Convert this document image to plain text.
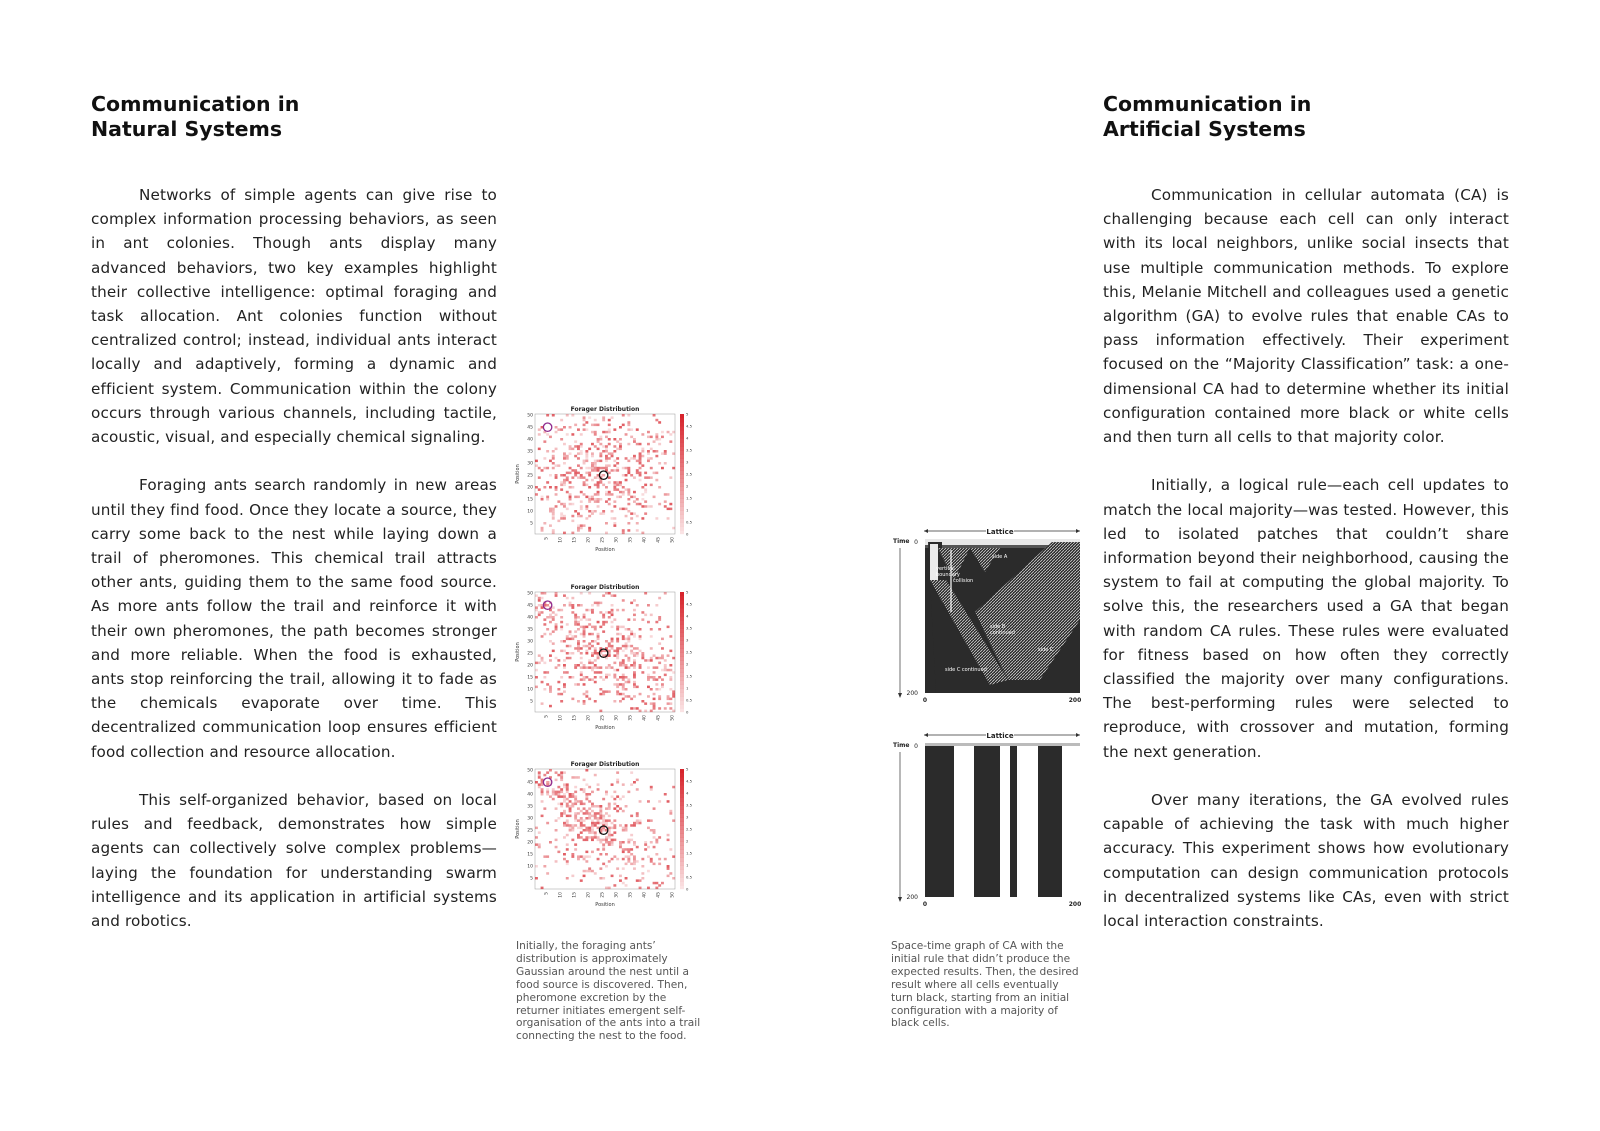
Communication in
Natural Systems

Networks of simple agents can give rise to complex information processing behaviors, as seen in ant colonies. Though ants display many advanced behaviors, two key examples highlight their collective intelligence: optimal foraging and task allocation. Ant colonies function without centralized control; instead, individual ants interact locally and adaptively, forming a dynamic and efficient system. Communication within the colony occurs through various channels, including tactile, acoustic, visual, and especially chemical signaling.

Foraging ants search randomly in new areas until they find food. Once they locate a source, they carry some back to the nest while laying down a trail of pheromones. This chemical trail attracts other ants, guiding them to the same food source. As more ants follow the trail and reinforce it with their own pheromones, the path becomes stronger and more reliable. When the food is exhausted, ants stop reinforcing the trail, allowing it to fade as the chemicals evaporate over time. This decentralized communication loop ensures efficient food collection and resource allocation.

This self-organized behavior, based on local rules and feedback, demonstrates how simple agents can collectively solve complex problems—laying the foundation for understanding swarm intelligence and its application in artificial systems and robotics.

Forager Distribution
5
5
10
10
15
15
20
20
25
25
30
30
35
35
40
40
45
45
50
50
Position
Position
5
4.5
4
3.5
3
2.5
2
1.5
1
0.5
0
Forager Distribution
5
5
10
10
15
15
20
20
25
25
30
30
35
35
40
40
45
45
50
50
Position
Position
5
4.5
4
3.5
3
2.5
2
1.5
1
0.5
0
Forager Distribution
5
5
10
10
15
15
20
20
25
25
30
30
35
35
40
40
45
45
50
50
Position
Position
5
4.5
4
3.5
3
2.5
2
1.5
1
0.5
0
Initially, the foraging ants’ distribution is approximately Gaussian around the nest until a food source is discovered. Then, pheromone excretion by the returner initiates emergent self-organisation of the ants into a trail connecting the nest to the food.
Lattice
Time 0
200
side A
side B
vertical
boundary
collision
side B
continued
side C
side C continued
0	200
Lattice
Time 0
200
0	200
Space-time graph of CA with the initial rule that didn’t produce the expected results. Then, the desired result where all cells eventually turn black, starting from an initial configuration with a majority of black cells.
Communication in
Artificial Systems

Communication in cellular automata (CA) is challenging because each cell can only interact with its local neighbors, unlike social insects that use multiple communication methods. To explore this, Melanie Mitchell and colleagues used a genetic algorithm (GA) to evolve rules that enable CAs to pass information effectively. Their experiment focused on the “Majority Classification” task: a one-dimensional CA had to determine whether its initial configuration contained more black or white cells and then turn all cells to that majority color.

Initially, a logical rule—each cell updates to match the local majority—was tested. However, this led to isolated patches that couldn’t share information beyond their neighborhood, causing the system to fail at computing the global majority. To solve this, the researchers used a GA that began with random CA rules. These rules were evaluated for fitness based on how often they correctly classified the majority over many configurations. The best-performing rules were selected to reproduce, with crossover and mutation, forming the next generation.

Over many iterations, the GA evolved rules capable of achieving the task with much higher accuracy. This experiment shows how evolutionary computation can design communication protocols in decentralized systems like CAs, even with strict local interaction constraints.
